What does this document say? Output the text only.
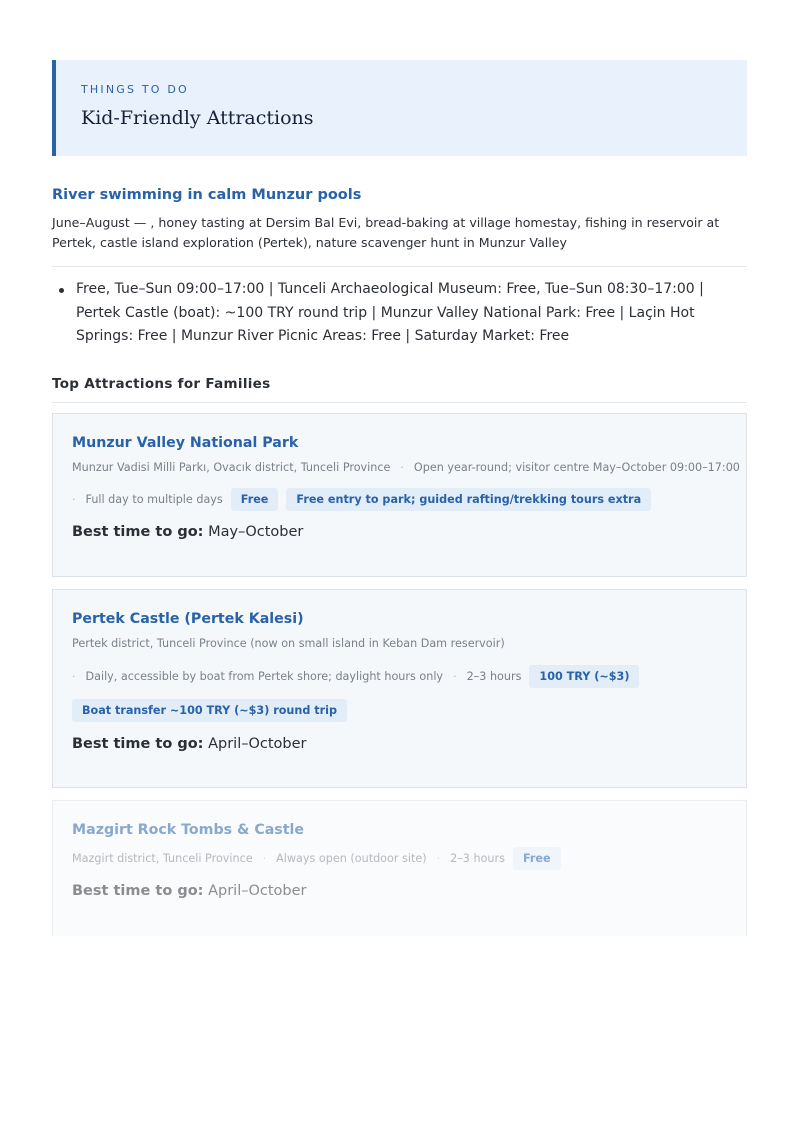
THINGS TO DO
Kid-Friendly Attractions
River swimming in calm Munzur pools
June–August — , honey tasting at Dersim Bal Evi, bread-baking at village homestay, fishing in reservoir at Pertek, castle island exploration (Pertek), nature scavenger hunt in Munzur Valley
Free, Tue–Sun 09:00–17:00 | Tunceli Archaeological Museum: Free, Tue–Sun 08:30–17:00 | Pertek Castle (boat): ~100 TRY round trip | Munzur Valley National Park: Free | Laçin Hot Springs: Free | Munzur River Picnic Areas: Free | Saturday Market: Free
Top Attractions for Families
Munzur Valley National Park
Munzur Vadisi Milli Parkı, Ovacık district, Tunceli Province · Open year-round; visitor centre May–October 09:00–17:00
· Full day to multiple days	Free	Free entry to park; guided rafting/trekking tours extra
Best time to go: May–October
Pertek Castle (Pertek Kalesi)
Pertek district, Tunceli Province (now on small island in Keban Dam reservoir)
· Daily, accessible by boat from Pertek shore; daylight hours only · 2–3 hours	100 TRY (~$3)
Boat transfer ~100 TRY (~$3) round trip
Best time to go: April–October
Mazgirt Rock Tombs & Castle
Mazgirt district, Tunceli Province · Always open (outdoor site) · 2–3 hours	Free
Best time to go: April–October
